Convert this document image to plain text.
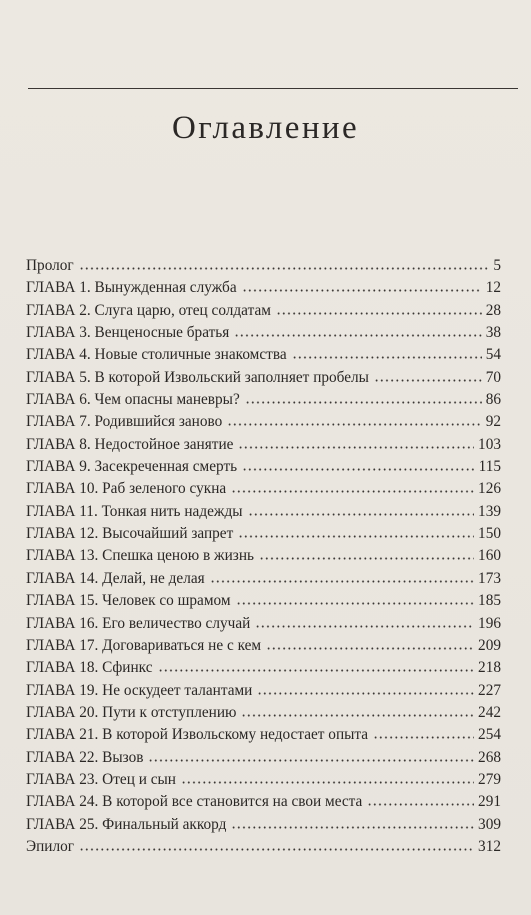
Оглавление
Пролог	5
ГЛАВА 1. Вынужденная служба	12
ГЛАВА 2. Слуга царю, отец солдатам	28
ГЛАВА 3. Венценосные братья	38
ГЛАВА 4. Новые столичные знакомства	54
ГЛАВА 5. В которой Извольский заполняет пробелы	70
ГЛАВА 6. Чем опасны маневры?	86
ГЛАВА 7. Родившийся заново	92
ГЛАВА 8. Недостойное занятие	103
ГЛАВА 9. Засекреченная смерть	115
ГЛАВА 10. Раб зеленого сукна	126
ГЛАВА 11. Тонкая нить надежды	139
ГЛАВА 12. Высочайший запрет	150
ГЛАВА 13. Спешка ценою в жизнь	160
ГЛАВА 14. Делай, не делая	173
ГЛАВА 15. Человек со шрамом	185
ГЛАВА 16. Его величество случай	196
ГЛАВА 17. Договариваться не с кем	209
ГЛАВА 18. Сфинкс	218
ГЛАВА 19. Не оскудеет талантами	227
ГЛАВА 20. Пути к отступлению	242
ГЛАВА 21. В которой Извольскому недостает опыта	254
ГЛАВА 22. Вызов	268
ГЛАВА 23. Отец и сын	279
ГЛАВА 24. В которой все становится на свои места	291
ГЛАВА 25. Финальный аккорд	309
Эпилог	312
